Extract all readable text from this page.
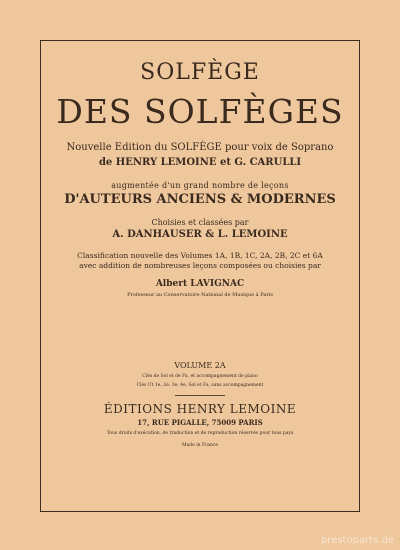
SOLFÈGE
DES SOLFÈGES
Nouvelle Edition du SOLFÈGE pour voix de Soprano
de HENRY LEMOINE et G. CARULLI
augmentée d'un grand nombre de leçons
D'AUTEURS ANCIENS & MODERNES
Choisies et classées par
A. DANHAUSER & L. LEMOINE
Classification nouvelle des Volumes 1A, 1B, 1C, 2A, 2B, 2C et 6A
avec addition de nombreuses leçons composées ou choisies par
Albert LAVIGNAC
Professeur au Conservatoire National de Musique à Paris
VOLUME 2A
Clés de Sol et de Fa, et accompagnement de piano
Clés Ut 1e, 2e, 3e, 4e, Sol et Fa, sans accompagnement
ÉDITIONS HENRY LEMOINE
17, RUE PIGALLE, 75009 PARIS
Tous droits d'exécution, de traduction et de reproduction réservés pour tous pays
Made in France
prestoparts.de
